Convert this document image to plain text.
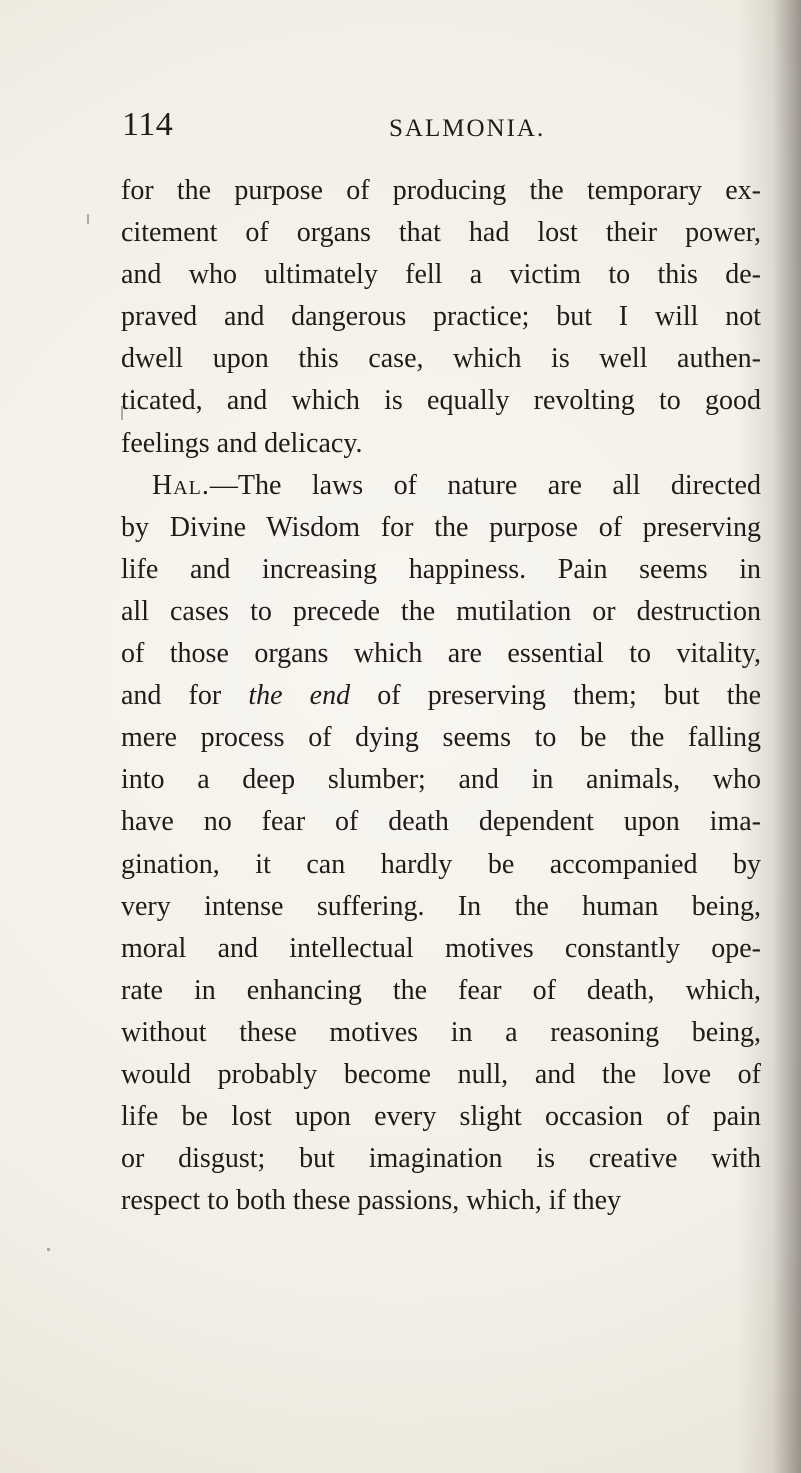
114	SALMONIA.
for the purpose of producing the temporary ex-
citement of organs that had lost their power,
and who ultimately fell a victim to this de-
praved and dangerous practice; but I will not
dwell upon this case, which is well authen-
ticated, and which is equally revolting to good
feelings and delicacy.
Hal.—The laws of nature are all directed
by Divine Wisdom for the purpose of preserving
life and increasing happiness. Pain seems in
all cases to precede the mutilation or destruction
of those organs which are essential to vitality,
and for the end of preserving them; but the
mere process of dying seems to be the falling
into a deep slumber; and in animals, who
have no fear of death dependent upon ima-
gination, it can hardly be accompanied by
very intense suffering. In the human being,
moral and intellectual motives constantly ope-
rate in enhancing the fear of death, which,
without these motives in a reasoning being,
would probably become null, and the love of
life be lost upon every slight occasion of pain
or disgust; but imagination is creative with
respect to both these passions, which, if they
